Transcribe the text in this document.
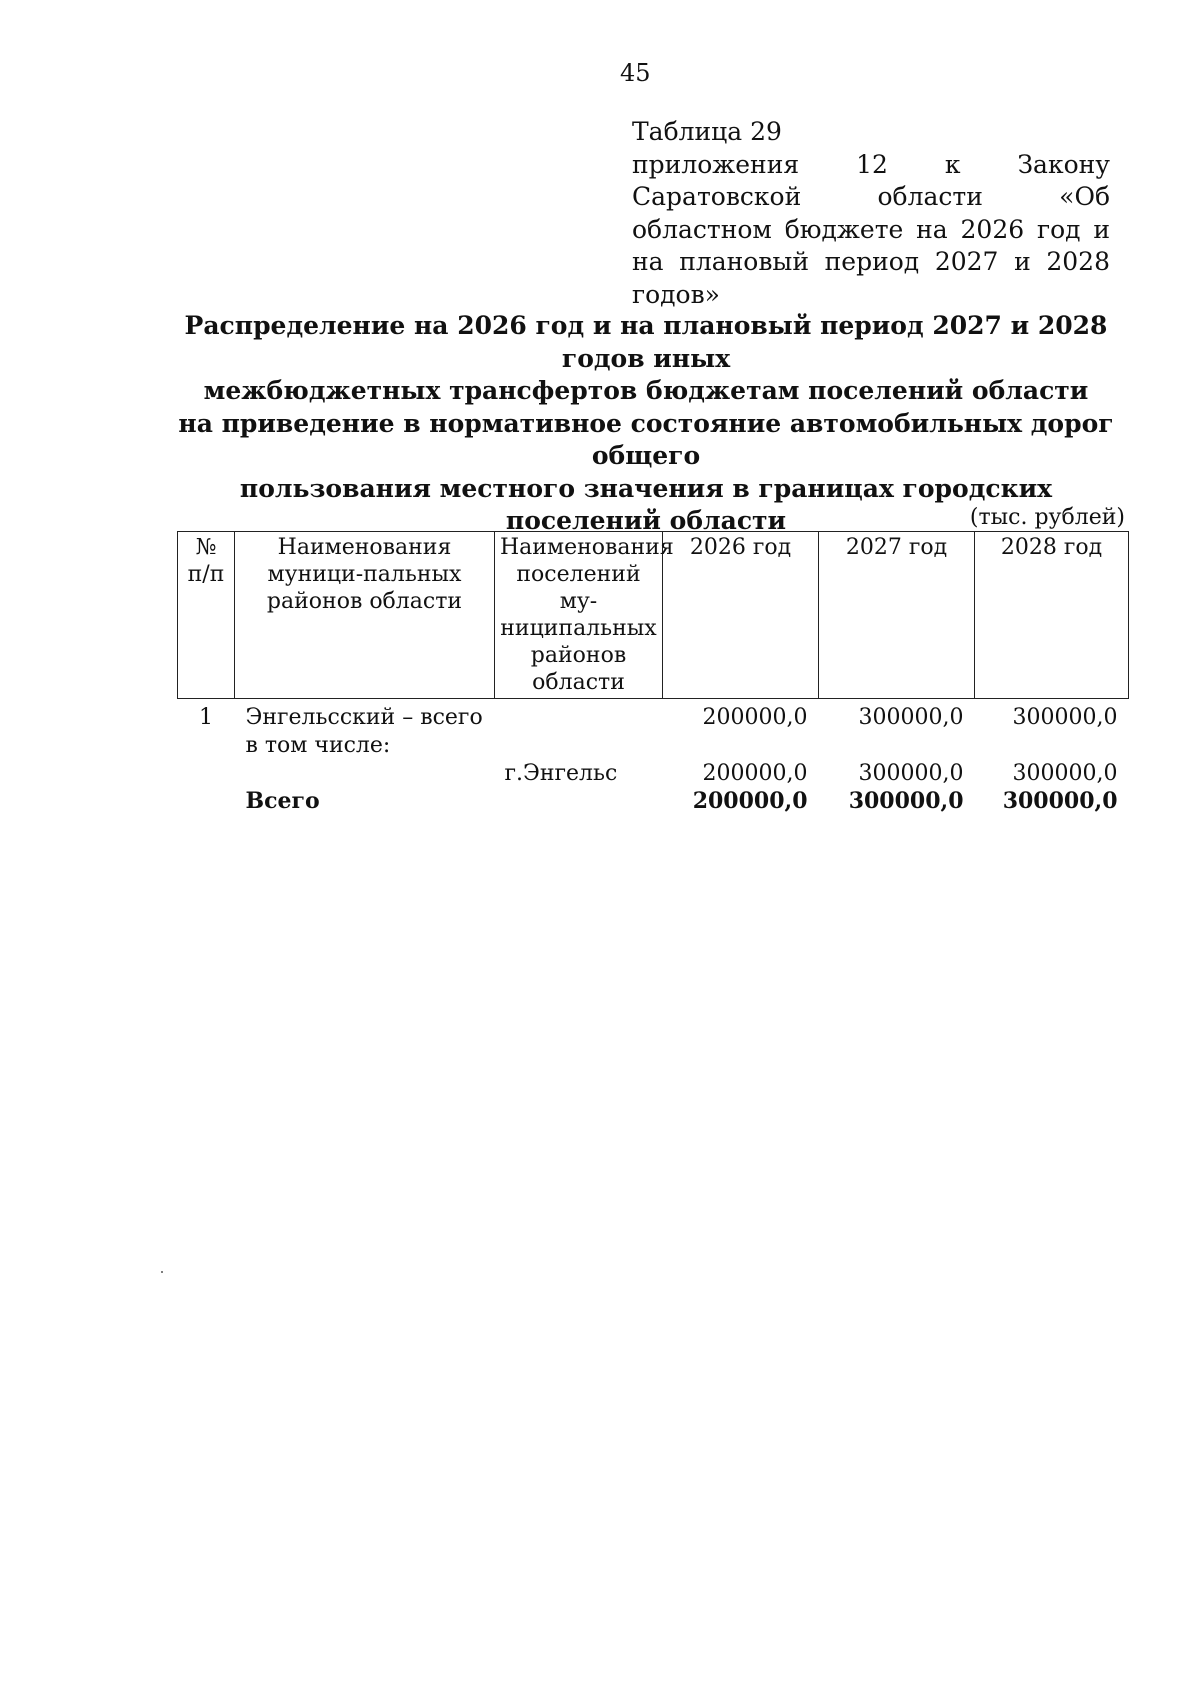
45
Таблица 29
приложения 12 к Закону Саратовской области «Об областном бюджете на 2026 год и на плановый период 2027 и 2028 годов»
Распределение на 2026 год и на плановый период 2027 и 2028 годов иных
межбюджетных трансфертов бюджетам поселений области
на приведение в нормативное состояние автомобильных дорог общего
пользования местного значения в границах городских
поселений области	(тыс. рублей)
№ п/п	Наименования муници-пальных районов области	Наименования поселений му-ниципальных районов области	2026 год	2027 год	2028 год
1	Энгельсский – всего		200000,0	300000,0	300000,0
	в том числе:				
		г.Энгельс	200000,0	300000,0	300000,0
	Всего		200000,0	300000,0	300000,0
